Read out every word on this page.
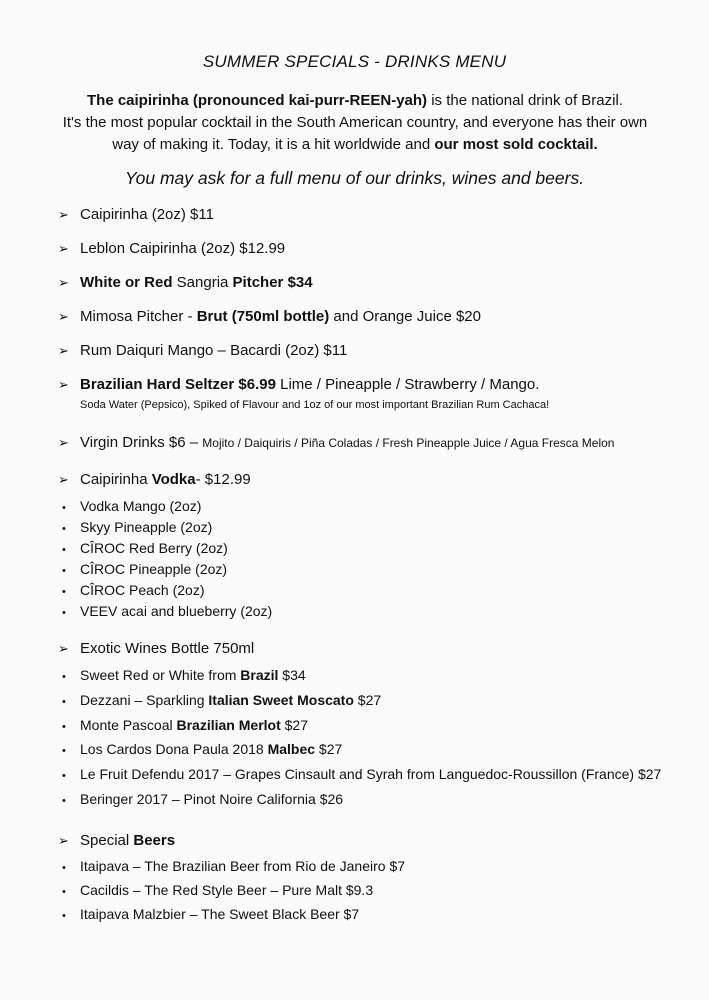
SUMMER SPECIALS - DRINKS MENU
The caipirinha (pronounced kai-purr-REEN-yah) is the national drink of Brazil.
It's the most popular cocktail in the South American country, and everyone has their own
way of making it. Today, it is a hit worldwide and our most sold cocktail.
You may ask for a full menu of our drinks, wines and beers.
➢ Caipirinha (2oz) $11
➢ Leblon Caipirinha (2oz) $12.99
➢ White or Red Sangria Pitcher $34
➢ Mimosa Pitcher - Brut (750ml bottle) and Orange Juice $20
➢ Rum Daiquri Mango – Bacardi (2oz) $11
➢ Brazilian Hard Seltzer $6.99 Lime / Pineapple / Strawberry / Mango.
Soda Water (Pepsico), Spiked of Flavour and 1oz of our most important Brazilian Rum Cachaca!
➢ Virgin Drinks $6 – Mojito / Daiquiris / Piña Coladas / Fresh Pineapple Juice / Agua Fresca Melon
➢ Caipirinha Vodka- $12.99
• Vodka Mango (2oz)
• Skyy Pineapple (2oz)
• CÎROC Red Berry (2oz)
• CÎROC Pineapple (2oz)
• CÎROC Peach (2oz)
• VEEV acai and blueberry (2oz)
➢ Exotic Wines Bottle 750ml
• Sweet Red or White from Brazil $34
• Dezzani – Sparkling Italian Sweet Moscato $27
• Monte Pascoal Brazilian Merlot $27
• Los Cardos Dona Paula 2018 Malbec $27
• Le Fruit Defendu 2017 – Grapes Cinsault and Syrah from Languedoc-Roussillon (France) $27
• Beringer 2017 – Pinot Noire California $26
➢ Special Beers
• Itaipava – The Brazilian Beer from Rio de Janeiro $7
• Cacildis – The Red Style Beer – Pure Malt $9.3
• Itaipava Malzbier – The Sweet Black Beer $7
